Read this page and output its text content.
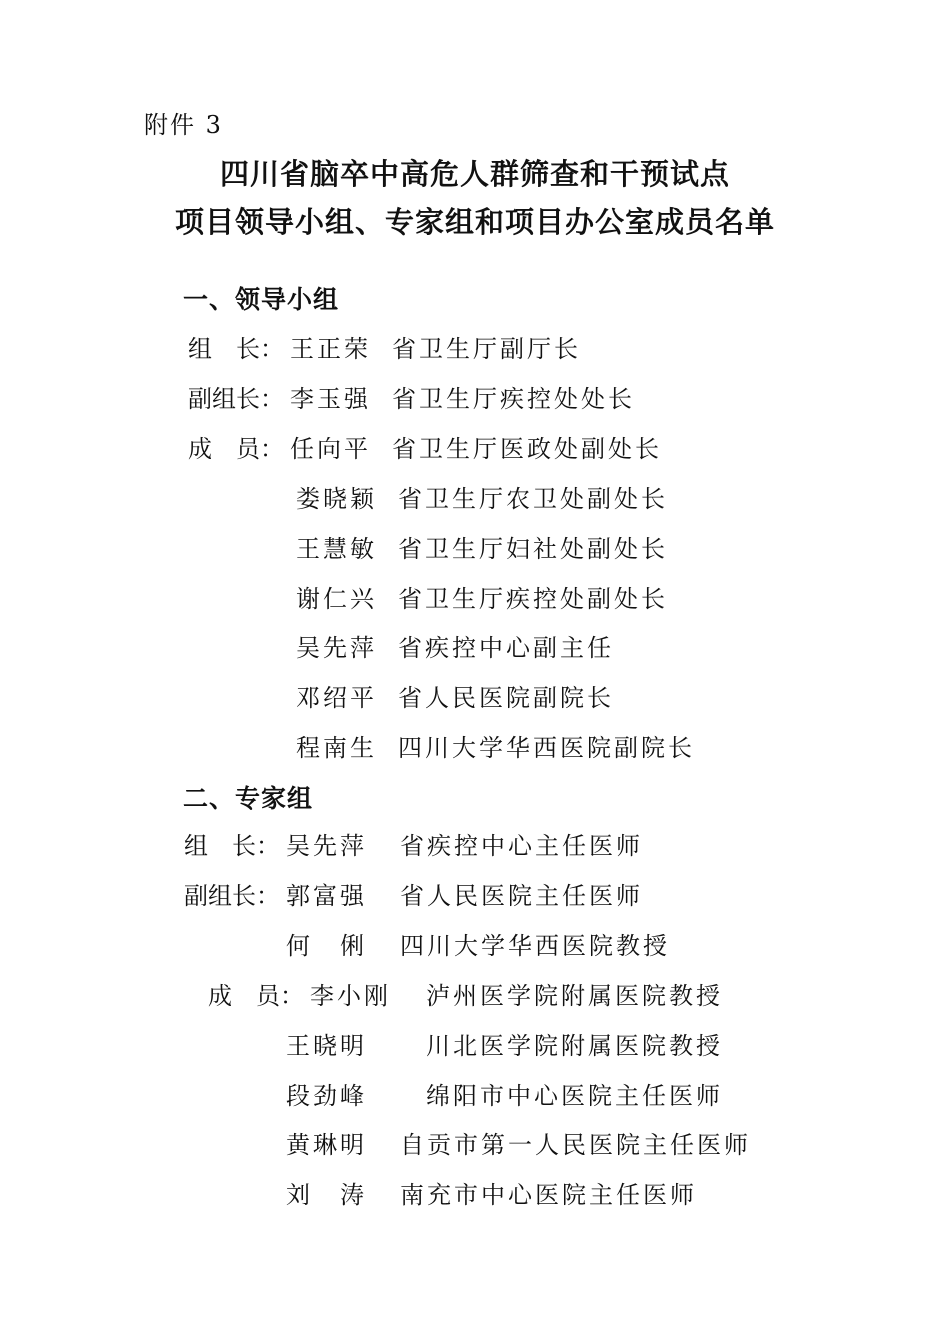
附件 3
四川省脑卒中高危人群筛查和干预试点
项目领导小组、专家组和项目办公室成员名单
一、领导小组
组　长： 王正荣 省卫生厅副厅长
副组长： 李玉强 省卫生厅疾控处处长
成　员： 任向平 省卫生厅医政处副处长
娄晓颖 省卫生厅农卫处副处长
王慧敏 省卫生厅妇社处副处长
谢仁兴 省卫生厅疾控处副处长
吴先萍 省疾控中心副主任
邓绍平 省人民医院副院长
程南生 四川大学华西医院副院长
二、专家组
组　长： 吴先萍 省疾控中心主任医师
副组长： 郭富强 省人民医院主任医师
何　俐 四川大学华西医院教授
成　员： 李小刚 泸州医学院附属医院教授
王晓明 川北医学院附属医院教授
段劲峰 绵阳市中心医院主任医师
黄琳明 自贡市第一人民医院主任医师
刘　涛 南充市中心医院主任医师
